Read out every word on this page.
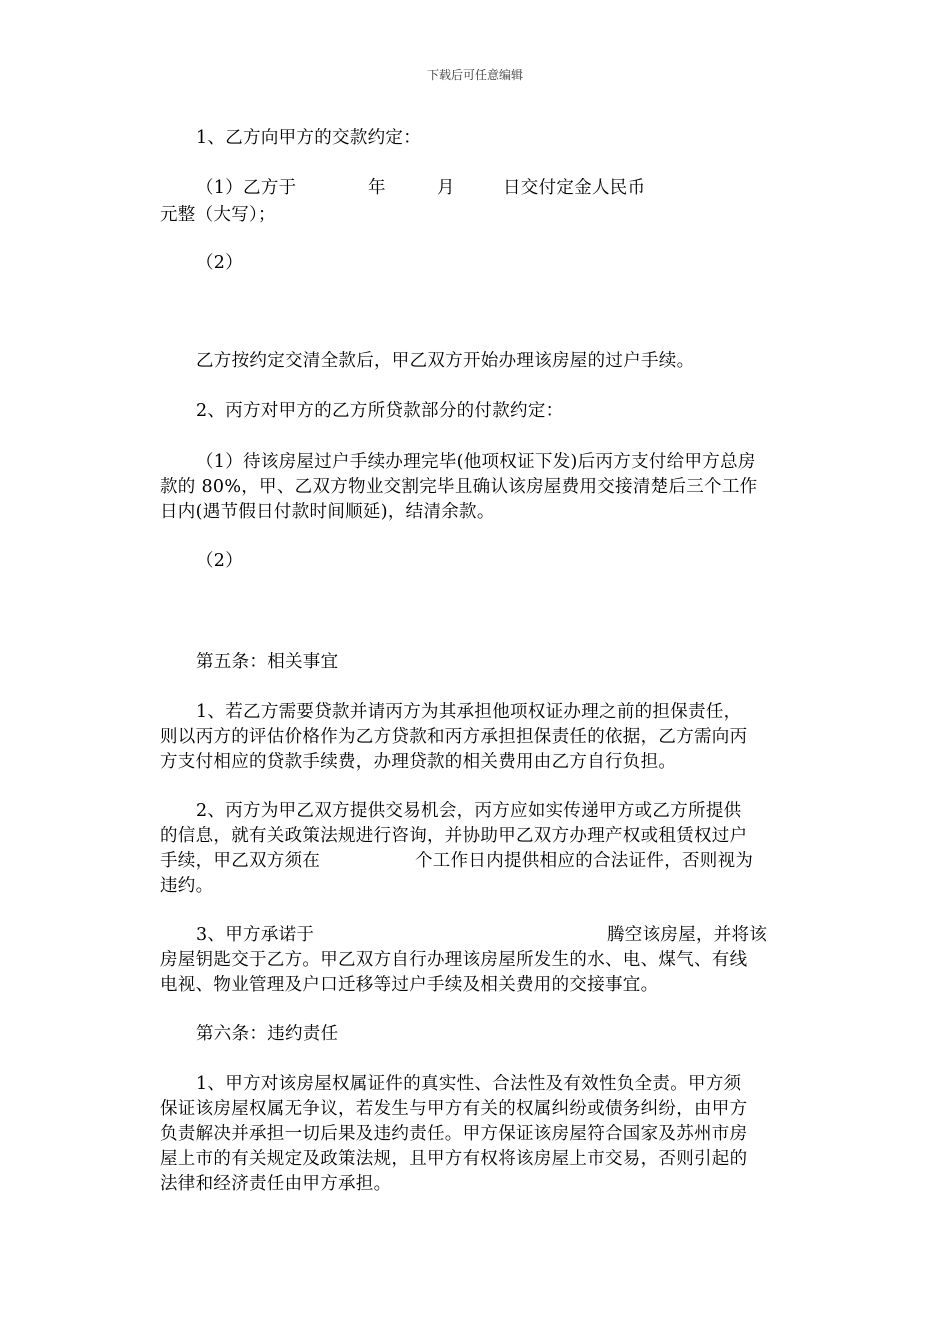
下载后可任意编辑
1、乙方向甲方的交款约定：
（1）乙方于	年	月	日交付定金人民币
元整（大写）；
（2）
乙方按约定交清全款后，甲乙双方开始办理该房屋的过户手续。
2、丙方对甲方的乙方所贷款部分的付款约定：
（1）待该房屋过户手续办理完毕(他项权证下发)后丙方支付给甲方总房
款的 80%，甲、乙双方物业交割完毕且确认该房屋费用交接清楚后三个工作
日内(遇节假日付款时间顺延)，结清余款。
（2）
第五条：相关事宜
1、若乙方需要贷款并请丙方为其承担他项权证办理之前的担保责任，
则以丙方的评估价格作为乙方贷款和丙方承担担保责任的依据，乙方需向丙
方支付相应的贷款手续费，办理贷款的相关费用由乙方自行负担。
2、丙方为甲乙双方提供交易机会，丙方应如实传递甲方或乙方所提供
的信息，就有关政策法规进行咨询，并协助甲乙双方办理产权或租赁权过户
手续，甲乙双方须在	个工作日内提供相应的合法证件，否则视为
违约。
3、甲方承诺于	腾空该房屋，并将该
房屋钥匙交于乙方。甲乙双方自行办理该房屋所发生的水、电、煤气、有线
电视、物业管理及户口迁移等过户手续及相关费用的交接事宜。
第六条：违约责任
1、甲方对该房屋权属证件的真实性、合法性及有效性负全责。甲方须
保证该房屋权属无争议，若发生与甲方有关的权属纠纷或债务纠纷，由甲方
负责解决并承担一切后果及违约责任。甲方保证该房屋符合国家及苏州市房
屋上市的有关规定及政策法规，且甲方有权将该房屋上市交易，否则引起的
法律和经济责任由甲方承担。
